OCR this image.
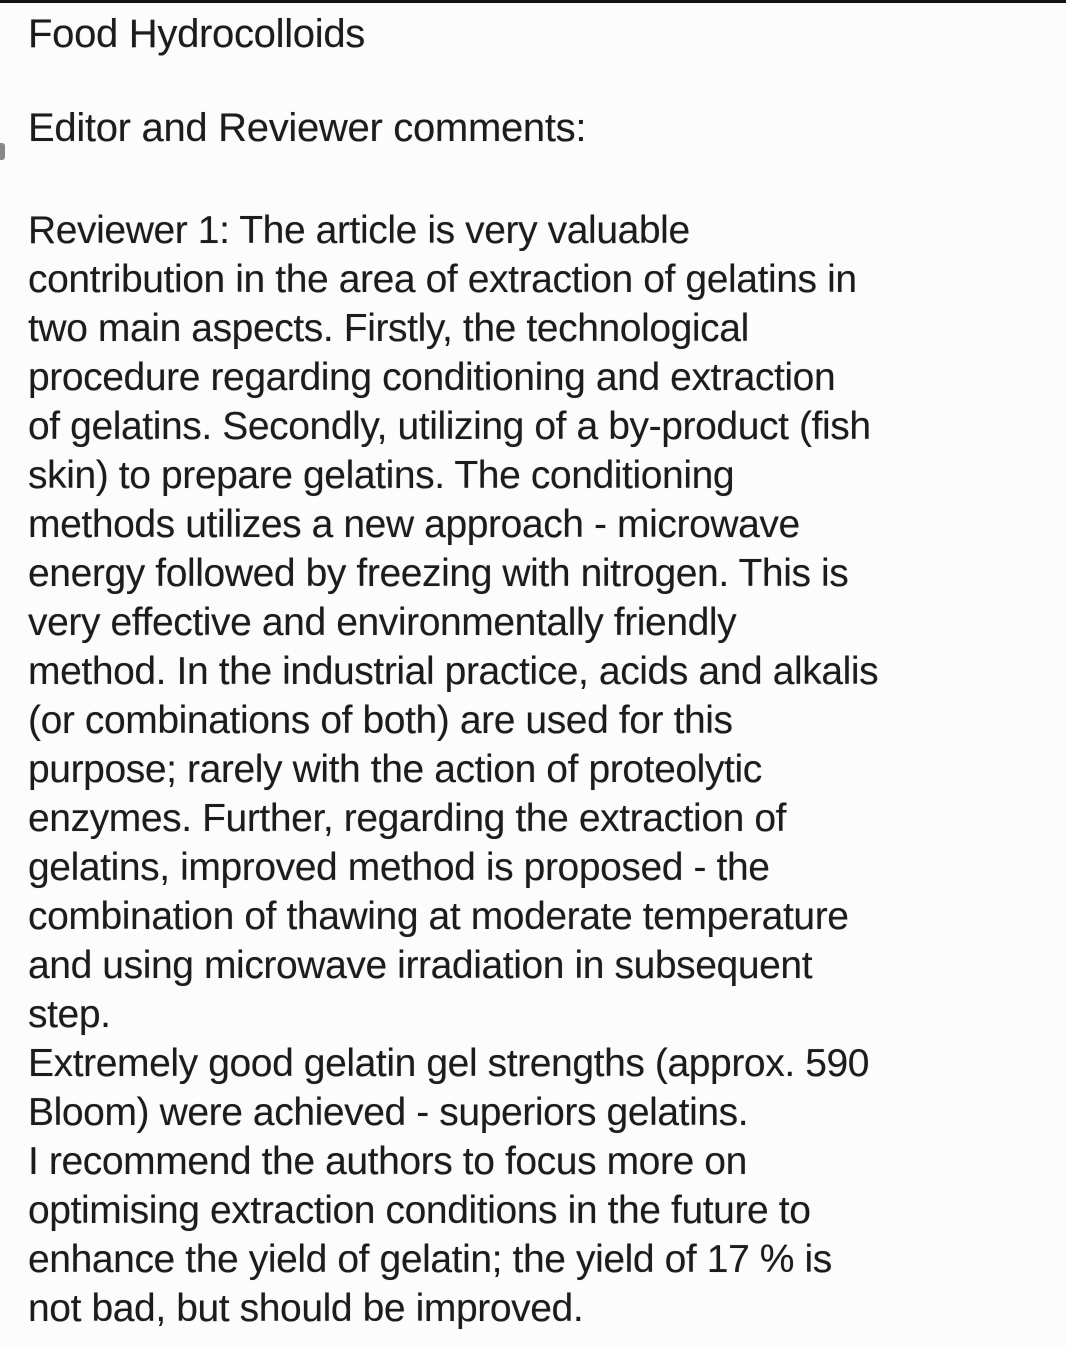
Food Hydrocolloids
Editor and Reviewer comments:
Reviewer 1: The article is very valuable
contribution in the area of extraction of gelatins in
two main aspects. Firstly, the technological
procedure regarding conditioning and extraction
of gelatins. Secondly, utilizing of a by-product (fish
skin) to prepare gelatins. The conditioning
methods utilizes a new approach - microwave
energy followed by freezing with nitrogen. This is
very effective and environmentally friendly
method. In the industrial practice, acids and alkalis
(or combinations of both) are used for this
purpose; rarely with the action of proteolytic
enzymes. Further, regarding the extraction of
gelatins, improved method is proposed - the
combination of thawing at moderate temperature
and using microwave irradiation in subsequent
step.
Extremely good gelatin gel strengths (approx. 590
Bloom) were achieved - superiors gelatins.
I recommend the authors to focus more on
optimising extraction conditions in the future to
enhance the yield of gelatin; the yield of 17 % is
not bad, but should be improved.
